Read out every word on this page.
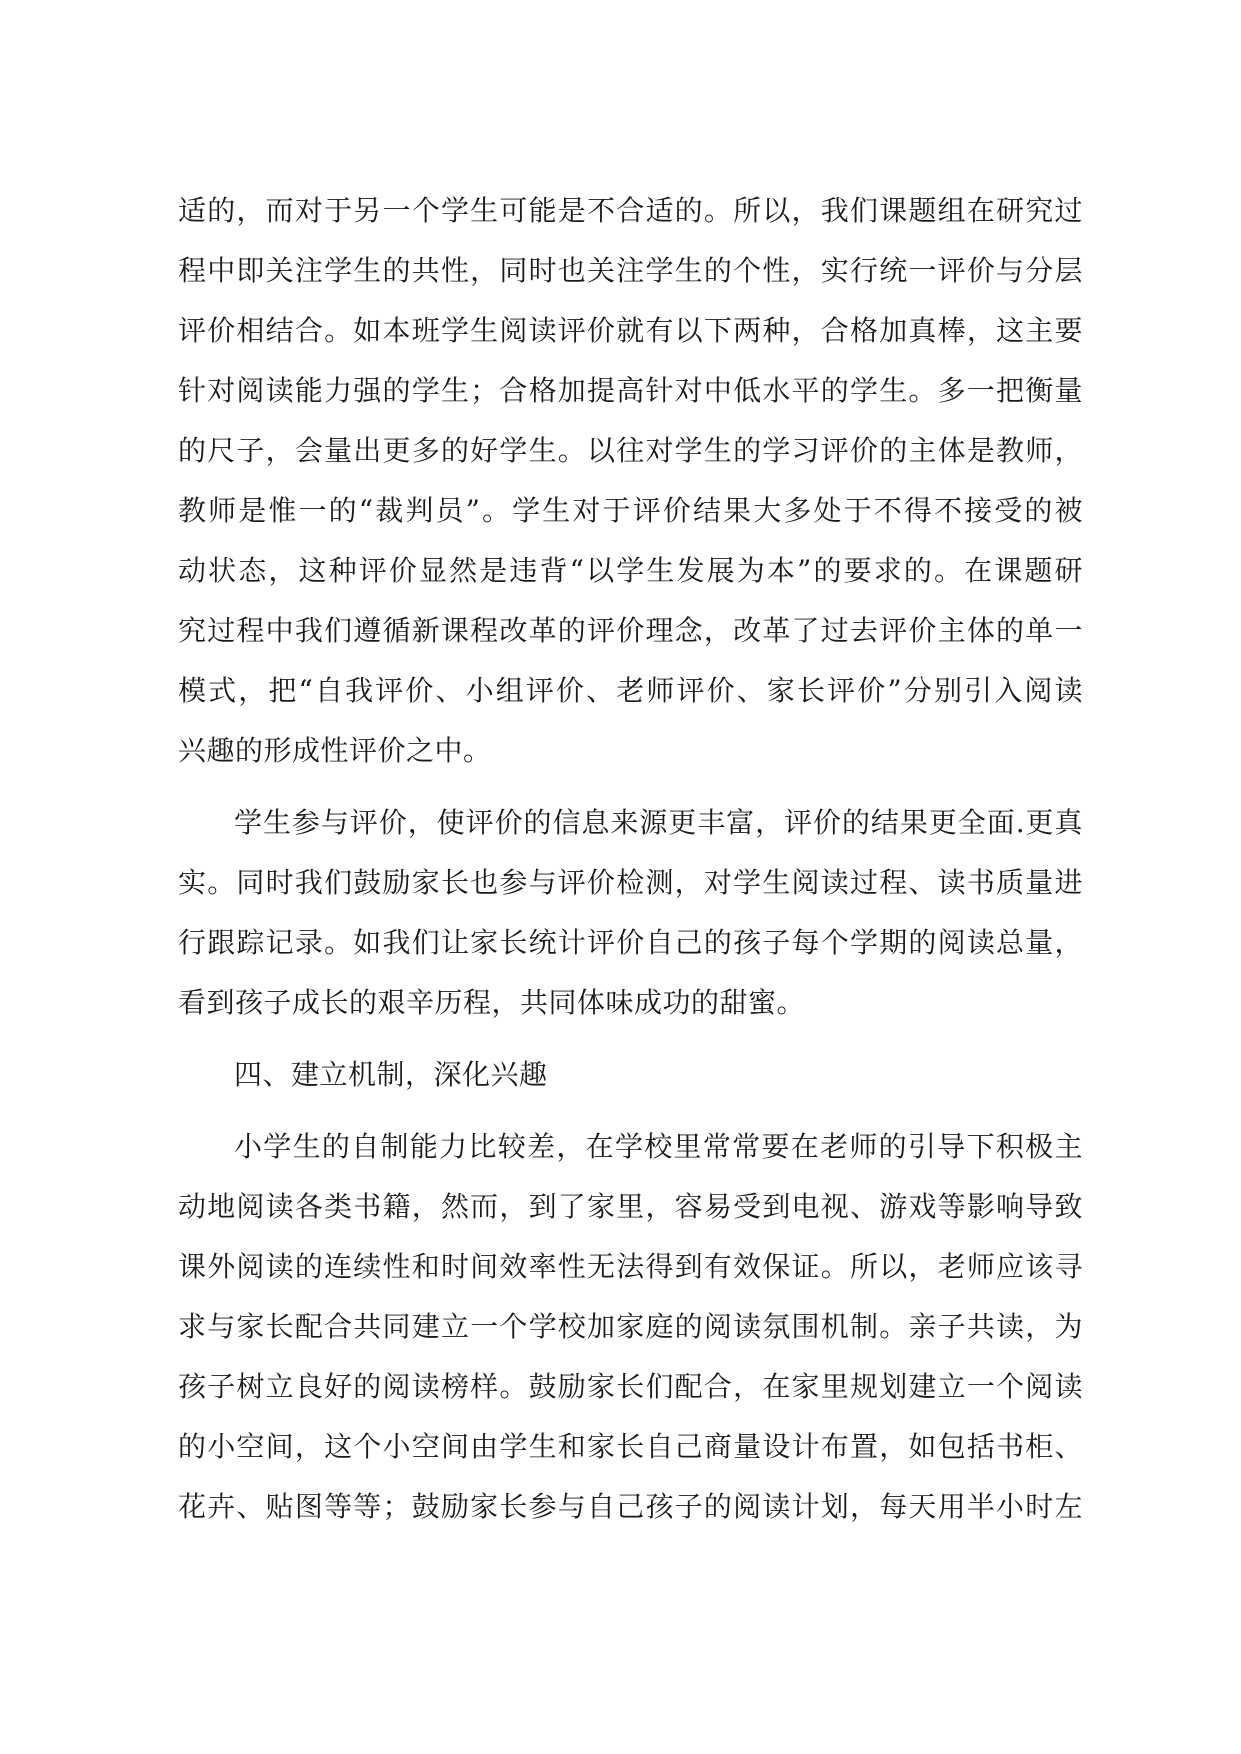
适的，而对于另一个学生可能是不合适的。所以，我们课题组在研究过
程中即关注学生的共性，同时也关注学生的个性，实行统一评价与分层
评价相结合。如本班学生阅读评价就有以下两种，合格加真棒，这主要
针对阅读能力强的学生；合格加提高针对中低水平的学生。多一把衡量
的尺子，会量出更多的好学生。以往对学生的学习评价的主体是教师，
教师是惟一的“裁判员”。学生对于评价结果大多处于不得不接受的被
动状态，这种评价显然是违背“以学生发展为本”的要求的。在课题研
究过程中我们遵循新课程改革的评价理念，改革了过去评价主体的单一
模式，把“自我评价、小组评价、老师评价、家长评价”分别引入阅读
兴趣的形成性评价之中。
学生参与评价，使评价的信息来源更丰富，评价的结果更全面.更真
实。同时我们鼓励家长也参与评价检测，对学生阅读过程、读书质量进
行跟踪记录。如我们让家长统计评价自己的孩子每个学期的阅读总量，
看到孩子成长的艰辛历程，共同体味成功的甜蜜。
四、建立机制，深化兴趣
小学生的自制能力比较差，在学校里常常要在老师的引导下积极主
动地阅读各类书籍，然而，到了家里，容易受到电视、游戏等影响导致
课外阅读的连续性和时间效率性无法得到有效保证。所以，老师应该寻
求与家长配合共同建立一个学校加家庭的阅读氛围机制。亲子共读，为
孩子树立良好的阅读榜样。鼓励家长们配合，在家里规划建立一个阅读
的小空间，这个小空间由学生和家长自己商量设计布置，如包括书柜、
花卉、贴图等等；鼓励家长参与自己孩子的阅读计划，每天用半小时左
